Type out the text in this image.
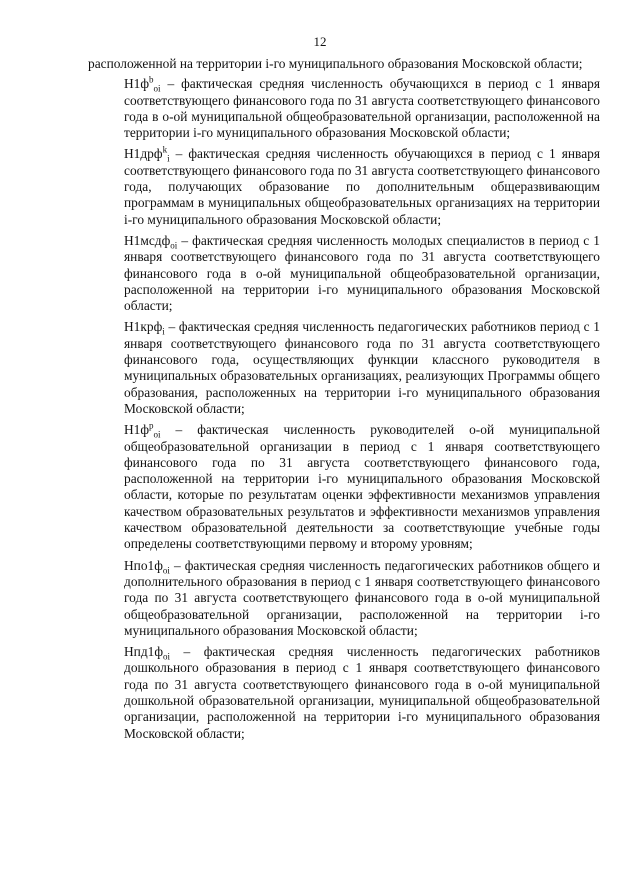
12

расположенной на территории i-го муниципального образования Московской области;

$Н1ф^b_{oi}$ – фактическая средняя численность обучающихся в период с 1 января соответствующего финансового года по 31 августа соответствующего финансового года в о-ой муниципальной общеобразовательной организации, расположенной на территории i-го муниципального образования Московской области;

Н1дрф$^k_i$ – фактическая средняя численность обучающихся в период с 1 января соответствующего финансового года по 31 августа соответствующего финансового года, получающих образование по дополнительным общеразвивающим программам в муниципальных общеобразовательных организациях на территории i-го муниципального образования Московской области;

Н1мсдф$_{oi}$ – фактическая средняя численность молодых специалистов в период с 1 января соответствующего финансового года по 31 августа соответствующего финансового года в о-ой муниципальной общеобразовательной организации, расположенной на территории i-го муниципального образования Московской области;

Н1крф$_i$ – фактическая средняя численность педагогических работников период с 1 января соответствующего финансового года по 31 августа соответствующего финансового года, осуществляющих функции классного руководителя в муниципальных образовательных организациях, реализующих Программы общего образования, расположенных на территории i-го муниципального образования Московской области;

$Н1ф^p_{oi}$ – фактическая численность руководителей о-ой муниципальной общеобразовательной организации в период с 1 января соответствующего финансового года по 31 августа соответствующего финансового года, расположенной на территории i-го муниципального образования Московской области, которые по результатам оценки эффективности механизмов управления качеством образовательных результатов и эффективности механизмов управления качеством образовательной деятельности за соответствующие учебные годы определены соответствующими первому и второму уровням;

$Нпо1ф_{oi}$ – фактическая средняя численность педагогических работников общего и дополнительного образования в период с 1 января соответствующего финансового года по 31 августа соответствующего финансового года в о-ой муниципальной общеобразовательной организации, расположенной на территории i-го муниципального образования Московской области;

$Нпд1ф_{oi}$ – фактическая средняя численность педагогических работников дошкольного образования в период с 1 января соответствующего финансового года по 31 августа соответствующего финансового года в о-ой муниципальной дошкольной образовательной организации, муниципальной общеобразовательной организации, расположенной на территории i-го муниципального образования Московской области;
